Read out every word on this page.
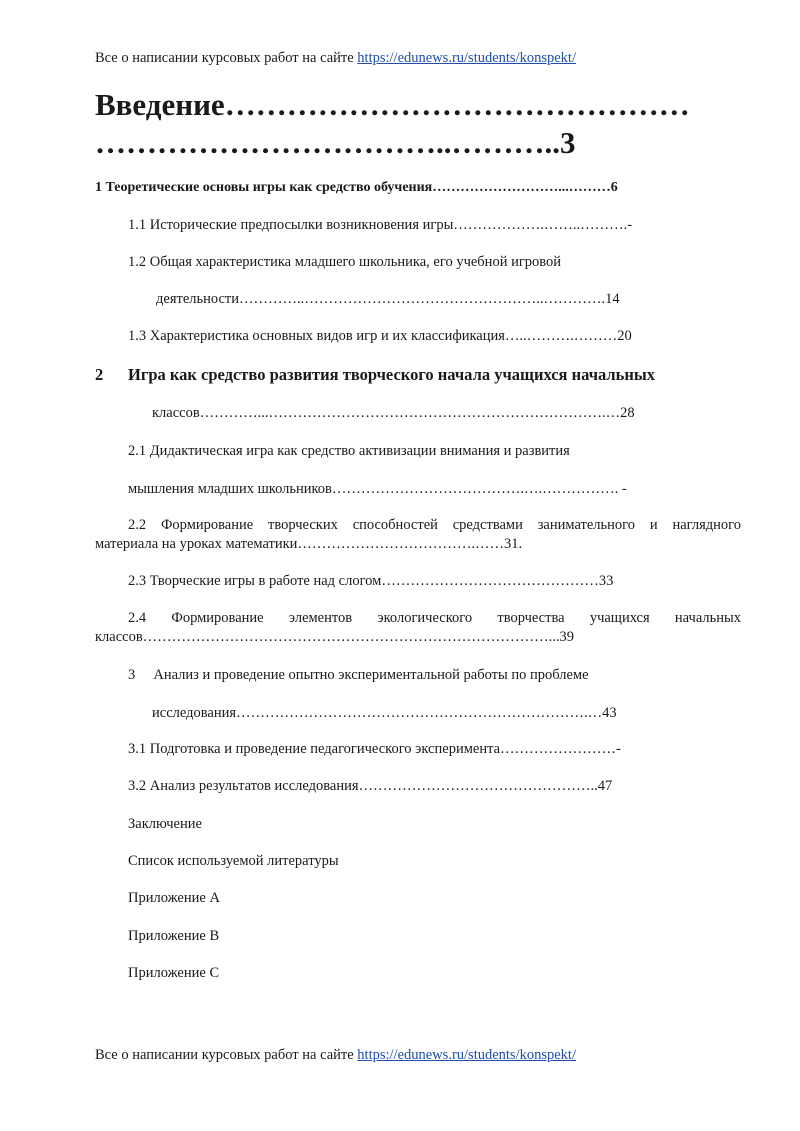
Все о написании курсовых работ на сайте https://edunews.ru/students/konspekt/
Введение………………………………………
……………………………..………..3
1 Теоретические основы игры как средство обучения………………………...………6
1.1 Исторические предпосылки возникновения игры……………….……..……….-
1.2 Общая характеристика младшего школьника, его учебной игровой
деятельности…………..…………………………………………..………….14
1.3 Характеристика основных видов игр и их классификация…..……….………20
2 Игра как средство развития творческого начала учащихся начальных
классов…………...…………………………………………………………….…28
2.1 Дидактическая игра как средство активизации внимания и развития
мышления младших школьников………………………………….….……………. -
2.2 Формирование творческих способностей средствами занимательного и наглядного
материала на уроках математики……………………………….……31.
2.3 Творческие игры в работе над слогом………………………………………33
2.4 Формирование элементов экологического творчества учащихся начальных
классов…………………………………………………………………………...39
3     Анализ и проведение опытно экспериментальной работы по проблеме
исследования……………………………………………………………….…43
3.1 Подготовка и проведение педагогического эксперимента……………………-
3.2 Анализ результатов исследования…………………………………………..47
Заключение
Список используемой литературы
Приложение А
Приложение В
Приложение С
Все о написании курсовых работ на сайте https://edunews.ru/students/konspekt/
